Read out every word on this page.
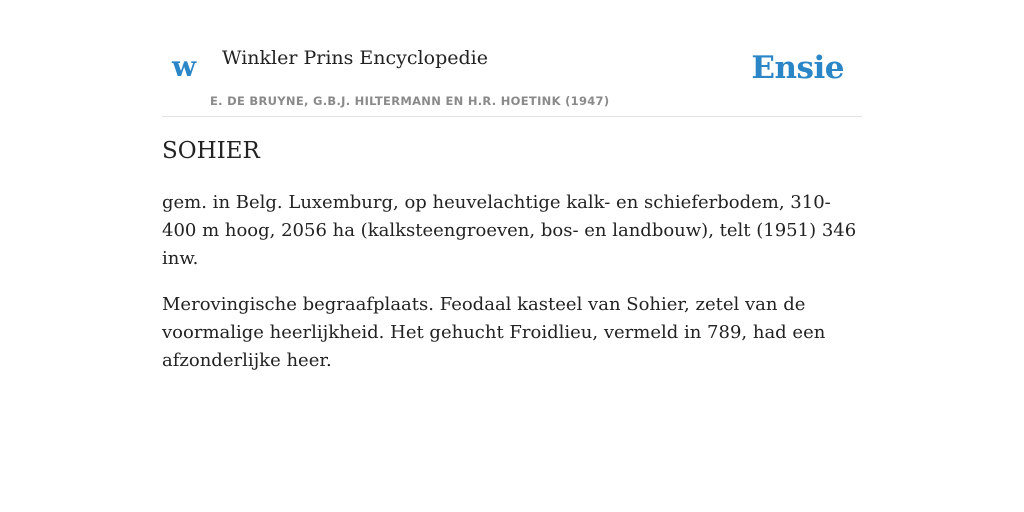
w Winkler Prins Encyclopedie
E. DE BRUYNE, G.B.J. HILTERMANN EN H.R. HOETINK (1947)
Ensie
SOHIER

gem. in Belg. Luxemburg, op heuvelachtige kalk- en schieferbodem, 310-400 m hoog, 2056 ha (kalksteengroeven, bos- en landbouw), telt (1951) 346 inw.

Merovingische begraafplaats. Feodaal kasteel van Sohier, zetel van de voormalige heerlijkheid. Het gehucht Froidlieu, vermeld in 789, had een afzonderlijke heer.
